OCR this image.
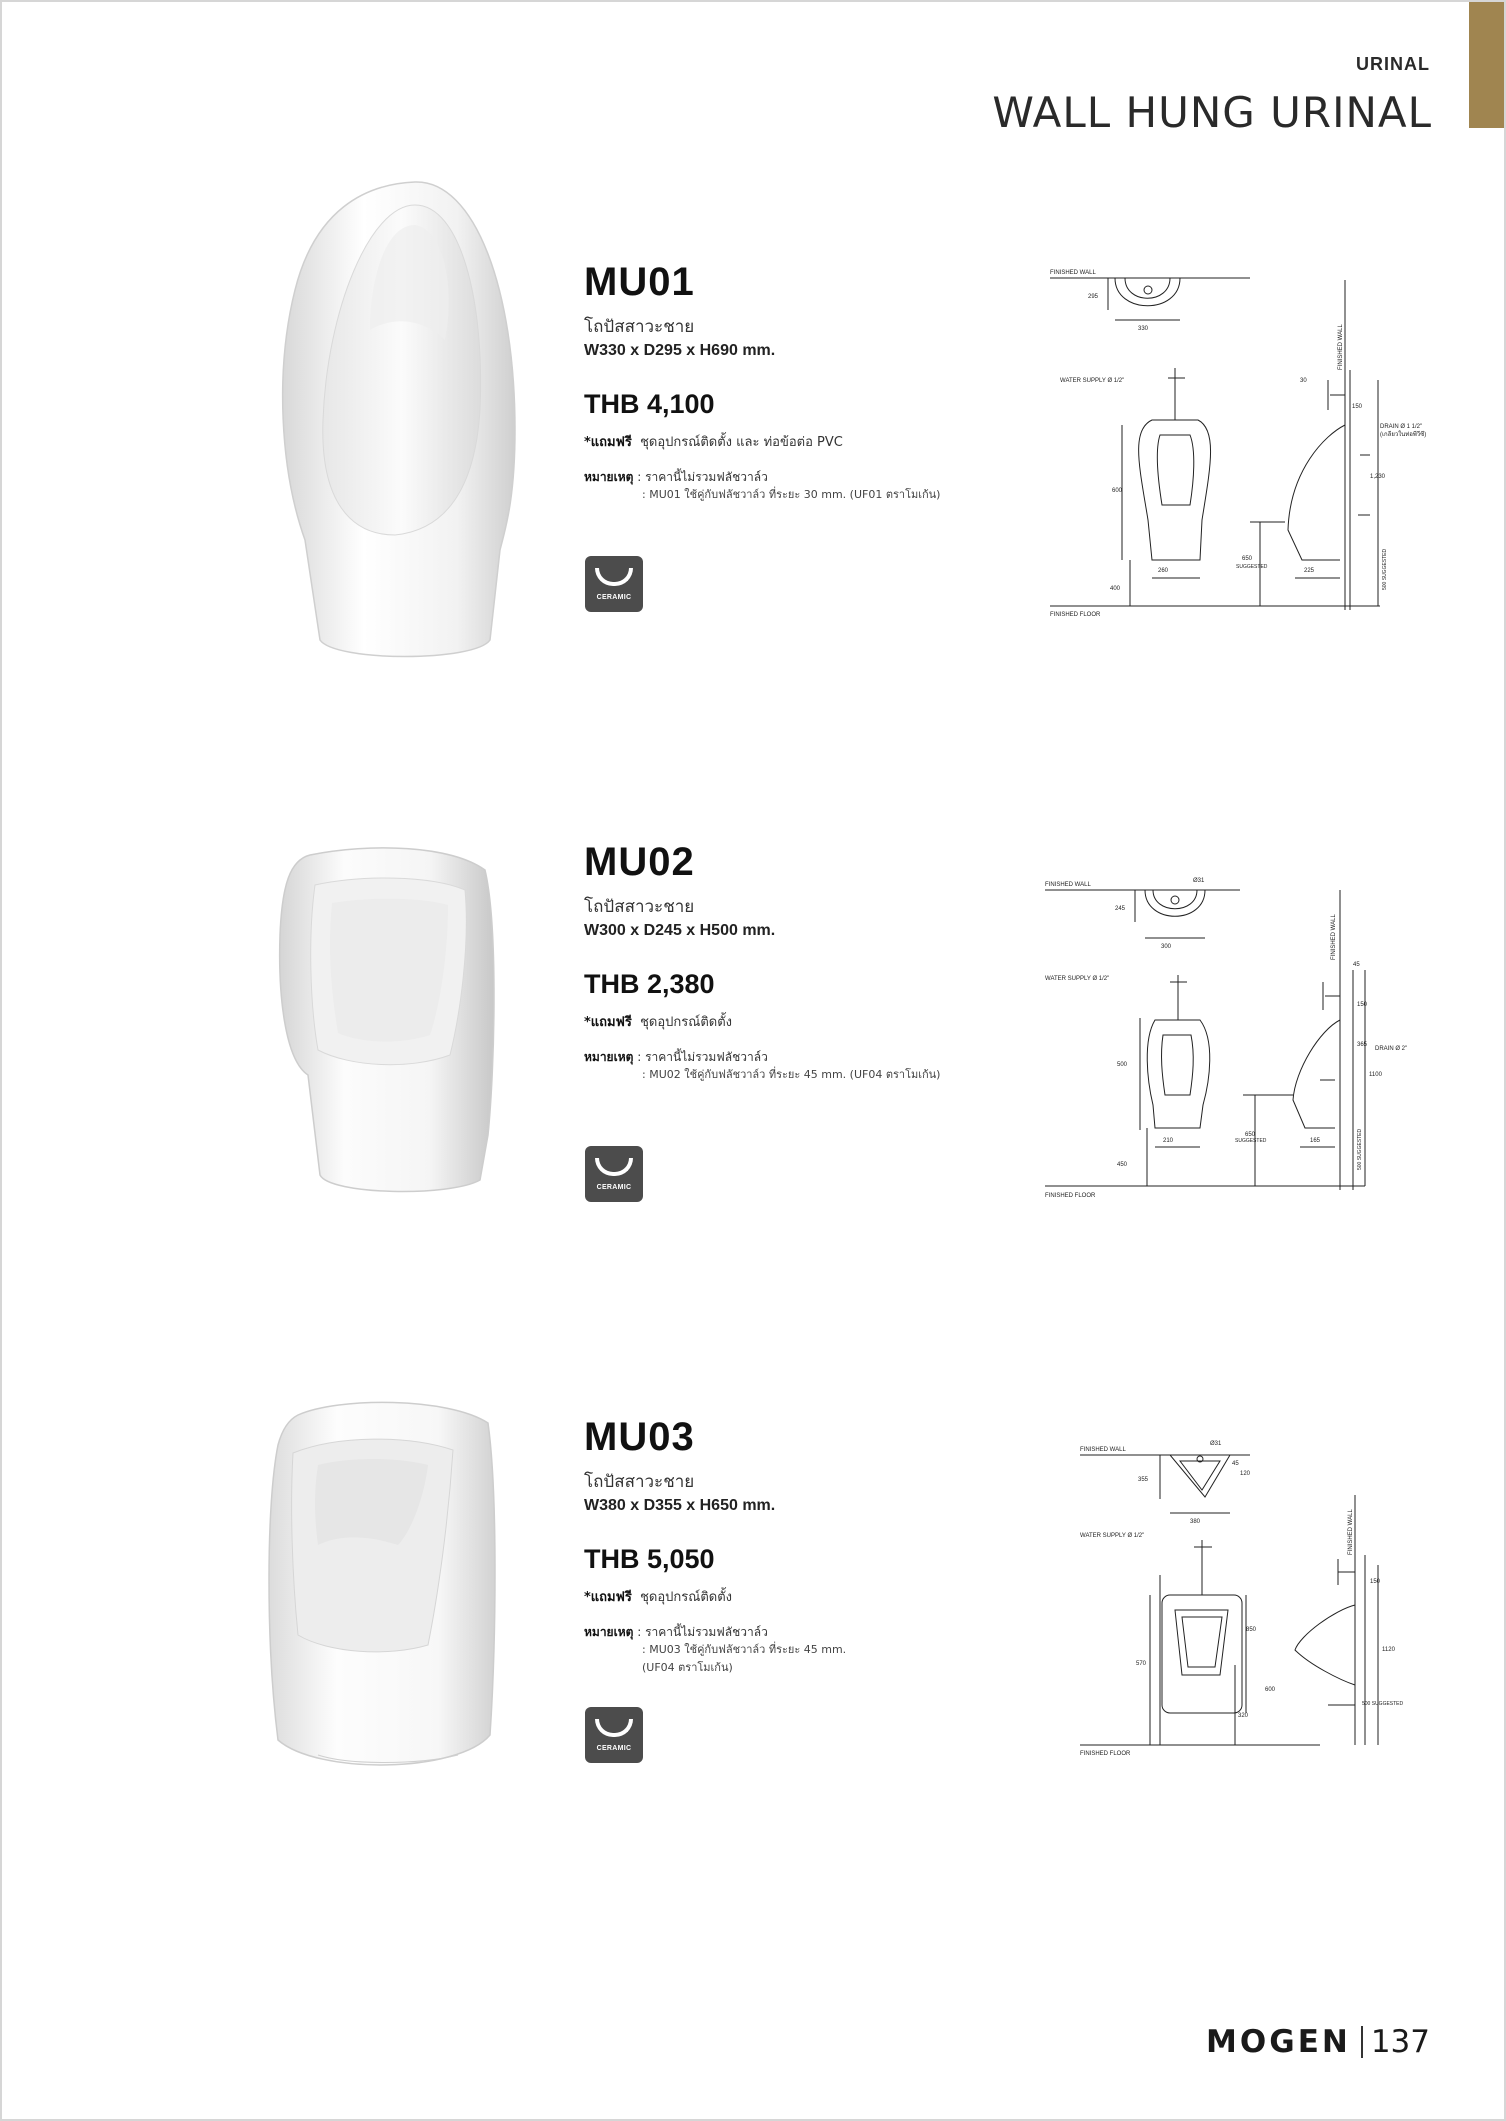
URINAL
WALL HUNG URINAL
MU01
โถปัสสาวะชาย
W330 x D295 x H690 mm.
THB 4,100
*แถมฟรี ชุดอุปกรณ์ติดตั้ง และ ท่อข้อต่อ PVC
หมายเหตุ : ราคานี้ไม่รวมฟลัชวาล์ว
: MU01 ใช้คู่กับฟลัชวาล์ว ที่ระยะ 30 mm. (UF01 ตราโมเก้น)
CERAMIC
FINISHED WALL
295
330
WATER SUPPLY Ø 1/2"	30
150
600
1,230
260
650
225
400
FINISHED FLOOR
DRAIN Ø 1 1/2"
(เกลียวในท่อพีวีซี)
SUGGESTED
FINISHED WALL
500 SUGGESTED
MU02
โถปัสสาวะชาย
W300 x D245 x H500 mm.
THB 2,380
*แถมฟรี ชุดอุปกรณ์ติดตั้ง
หมายเหตุ : ราคานี้ไม่รวมฟลัชวาล์ว
: MU02 ใช้คู่กับฟลัชวาล์ว ที่ระยะ 45 mm. (UF04 ตราโมเก้น)
CERAMIC
FINISHED WALL
Ø31
245
300
WATER SUPPLY Ø 1/2"
45
150
500
365
1100
210
650
165
450
FINISHED FLOOR
DRAIN Ø 2"
SUGGESTED
FINISHED WALL
500 SUGGESTED
MU03
โถปัสสาวะชาย
W380 x D355 x H650 mm.
THB 5,050
*แถมฟรี ชุดอุปกรณ์ติดตั้ง
หมายเหตุ : ราคานี้ไม่รวมฟลัชวาล์ว
: MU03 ใช้คู่กับฟลัชวาล์ว ที่ระยะ 45 mm.
(UF04 ตราโมเก้น)
CERAMIC
FINISHED WALL
Ø31
45
120
355
380
WATER SUPPLY Ø 1/2"
150
570
850
1120
600
320
FINISHED FLOOR
FINISHED WALL
500 SUGGESTED
MOGEN 137
